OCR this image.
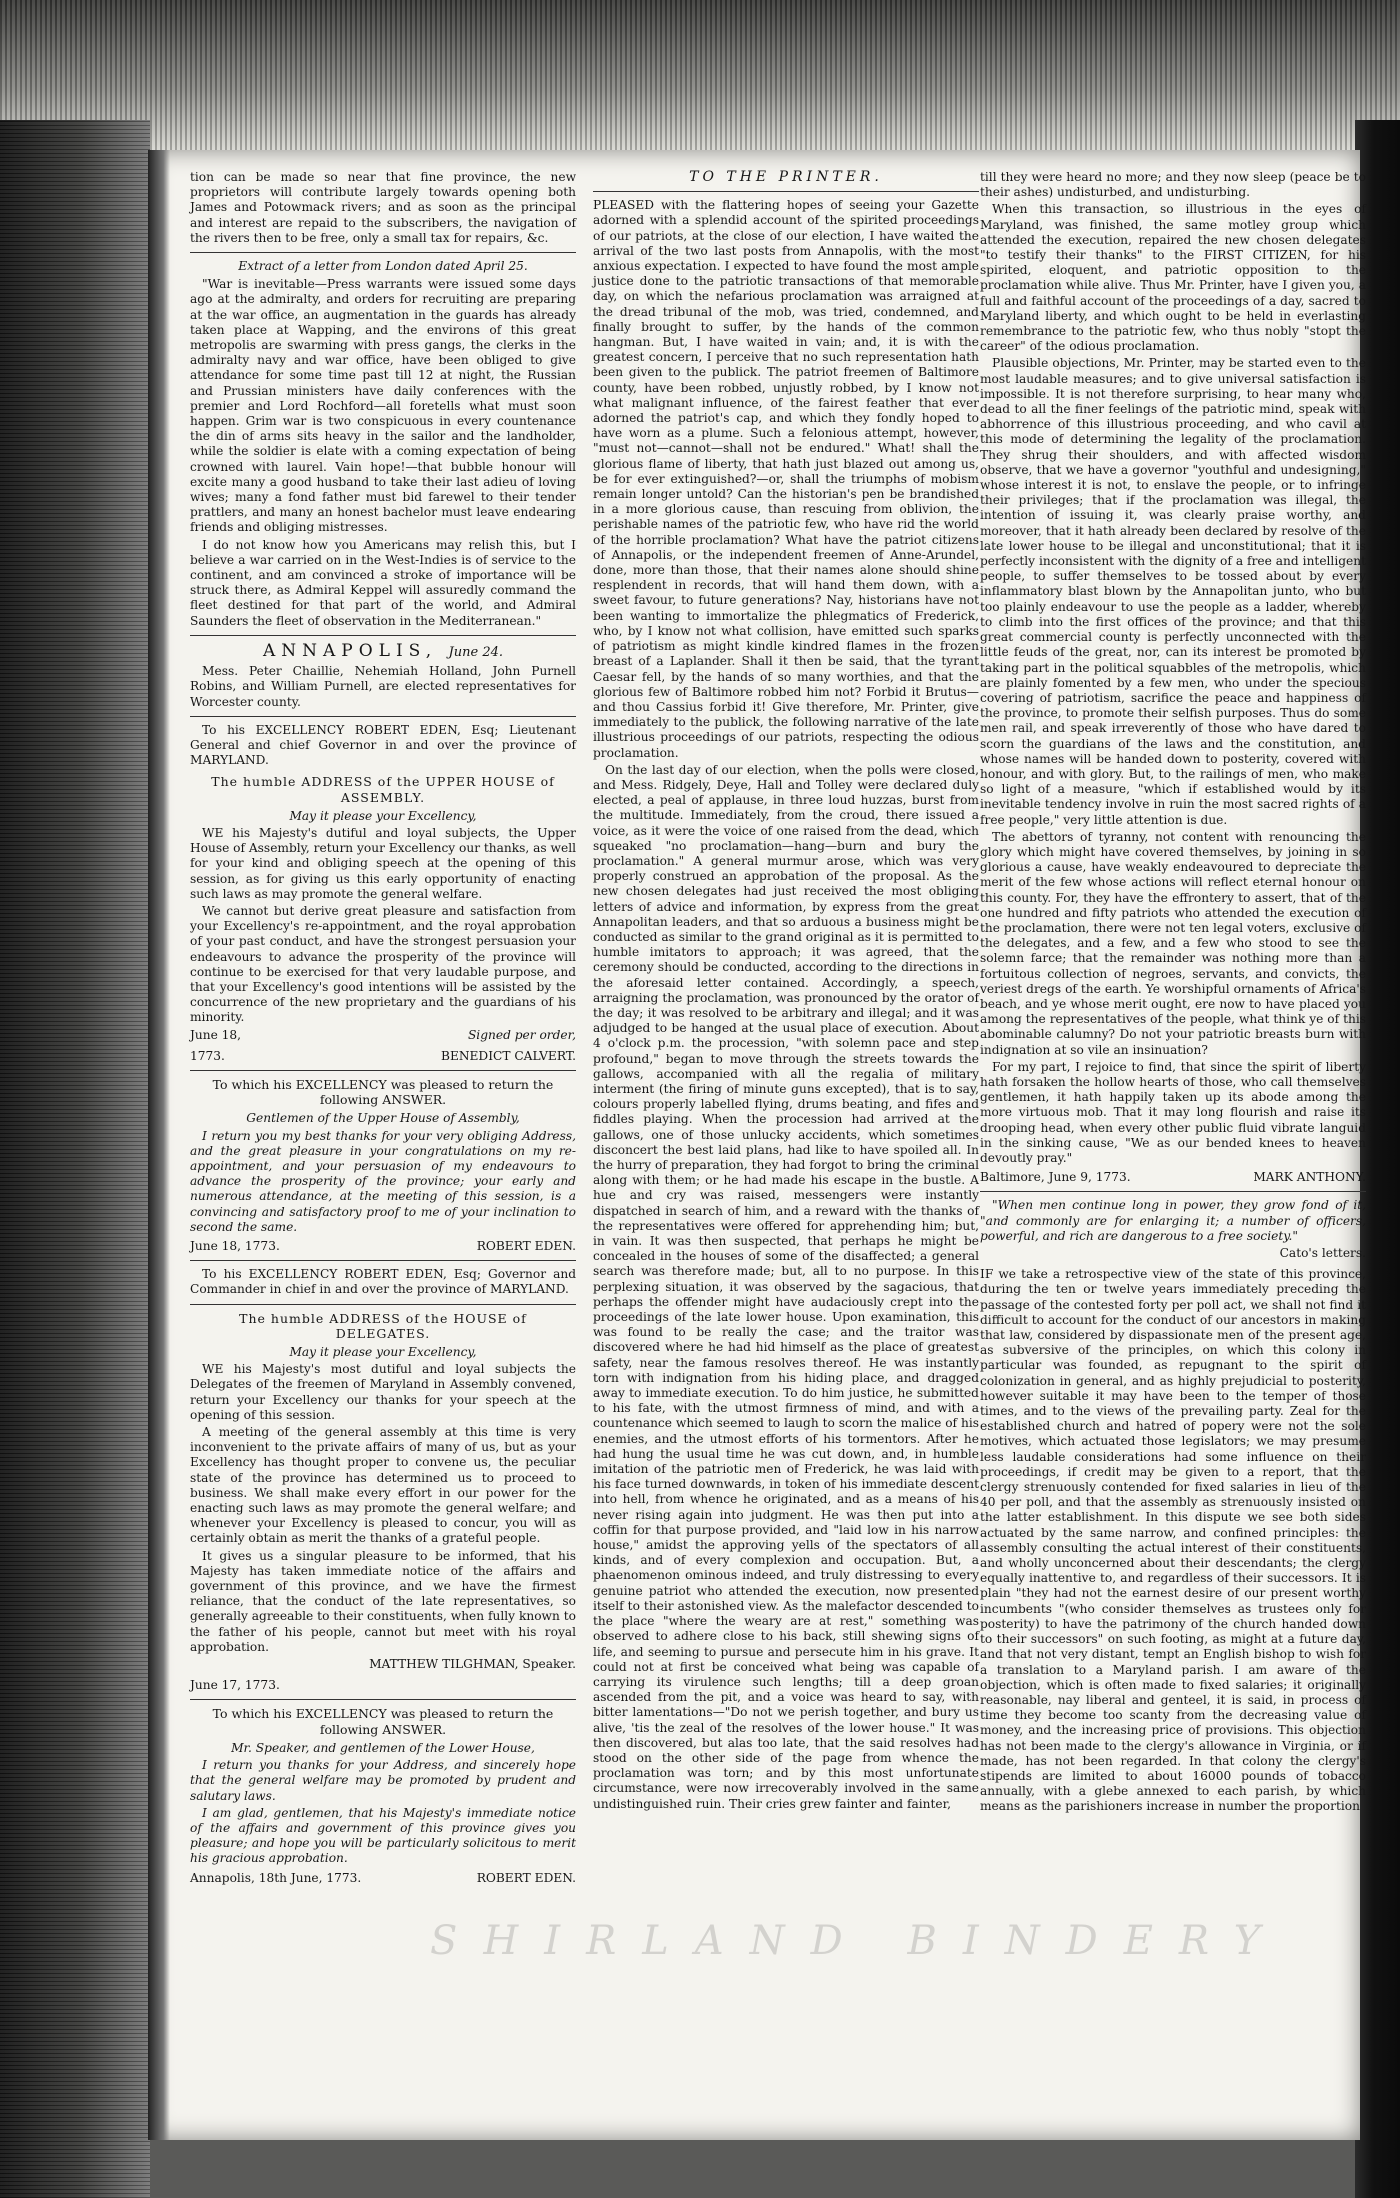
SHIRLAND BINDERY

tion can be made so near that fine province, the new proprietors will contribute largely towards opening both James and Potowmack rivers; and as soon as the principal and interest are repaid to the subscribers, the navigation of the rivers then to be free, only a small tax for repairs, &c.

Extract of a letter from London dated April 25.

"War is inevitable—Press warrants were issued some days ago at the admiralty, and orders for recruiting are preparing at the war office, an augmentation in the guards has already taken place at Wapping, and the environs of this great metropolis are swarming with press gangs, the clerks in the admiralty navy and war office, have been obliged to give attendance for some time past till 12 at night, the Russian and Prussian ministers have daily conferences with the premier and Lord Rochford—all foretells what must soon happen. Grim war is two conspicuous in every countenance the din of arms sits heavy in the sailor and the landholder, while the soldier is elate with a coming expectation of being crowned with laurel. Vain hope!—that bubble honour will excite many a good husband to take their last adieu of loving wives; many a fond father must bid farewel to their tender prattlers, and many an honest bachelor must leave endearing friends and obliging mistresses.

I do not know how you Americans may relish this, but I believe a war carried on in the West-Indies is of service to the continent, and am convinced a stroke of importance will be struck there, as Admiral Keppel will assuredly command the fleet destined for that part of the world, and Admiral Saunders the fleet of observation in the Mediterranean."

ANNAPOLIS, June 24.

Mess. Peter Chaillie, Nehemiah Holland, John Purnell Robins, and William Purnell, are elected representatives for Worcester county.

To his EXCELLENCY ROBERT EDEN, Esq; Lieutenant General and chief Governor in and over the province of MARYLAND.

The humble ADDRESS of the UPPER HOUSE of ASSEMBLY.
May it please your Excellency,

WE his Majesty's dutiful and loyal subjects, the Upper House of Assembly, return your Excellency our thanks, as well for your kind and obliging speech at the opening of this session, as for giving us this early opportunity of enacting such laws as may promote the general welfare.

We cannot but derive great pleasure and satisfaction from your Excellency's re-appointment, and the royal approbation of your past conduct, and have the strongest persuasion your endeavours to advance the prosperity of the province will continue to be exercised for that very laudable purpose, and that your Excellency's good intentions will be assisted by the concurrence of the new proprietary and the guardians of his minority.

June 18,	Signed per order,
1773.	BENEDICT CALVERT.
To which his EXCELLENCY was pleased to return the following ANSWER.
Gentlemen of the Upper House of Assembly,

I return you my best thanks for your very obliging Address, and the great pleasure in your congratulations on my re-appointment, and your persuasion of my endeavours to advance the prosperity of the province; your early and numerous attendance, at the meeting of this session, is a convincing and satisfactory proof to me of your inclination to second the same.

June 18, 1773.	ROBERT EDEN.

To his EXCELLENCY ROBERT EDEN, Esq; Governor and Commander in chief in and over the province of MARYLAND.

The humble ADDRESS of the HOUSE of DELEGATES.
May it please your Excellency,

WE his Majesty's most dutiful and loyal subjects the Delegates of the freemen of Maryland in Assembly convened, return your Excellency our thanks for your speech at the opening of this session.

A meeting of the general assembly at this time is very inconvenient to the private affairs of many of us, but as your Excellency has thought proper to convene us, the peculiar state of the province has determined us to proceed to business. We shall make every effort in our power for the enacting such laws as may promote the general welfare; and whenever your Excellency is pleased to concur, you will as certainly obtain as merit the thanks of a grateful people.

It gives us a singular pleasure to be informed, that his Majesty has taken immediate notice of the affairs and government of this province, and we have the firmest reliance, that the conduct of the late representatives, so generally agreeable to their constituents, when fully known to the father of his people, cannot but meet with his royal approbation.

MATTHEW TILGHMAN, Speaker.
June 17, 1773.
To which his EXCELLENCY was pleased to return the following ANSWER.
Mr. Speaker, and gentlemen of the Lower House,

I return you thanks for your Address, and sincerely hope that the general welfare may be promoted by prudent and salutary laws.

I am glad, gentlemen, that his Majesty's immediate notice of the affairs and government of this province gives you pleasure; and hope you will be particularly solicitous to merit his gracious approbation.

Annapolis, 18th June, 1773.	ROBERT EDEN.
TO THE PRINTER.

PLEASED with the flattering hopes of seeing your Gazette adorned with a splendid account of the spirited proceedings of our patriots, at the close of our election, I have waited the arrival of the two last posts from Annapolis, with the most anxious expectation. I expected to have found the most ample justice done to the patriotic transactions of that memorable day, on which the nefarious proclamation was arraigned at the dread tribunal of the mob, was tried, condemned, and finally brought to suffer, by the hands of the common hangman. But, I have waited in vain; and, it is with the greatest concern, I perceive that no such representation hath been given to the publick. The patriot freemen of Baltimore county, have been robbed, unjustly robbed, by I know not what malignant influence, of the fairest feather that ever adorned the patriot's cap, and which they fondly hoped to have worn as a plume. Such a felonious attempt, however, "must not—cannot—shall not be endured." What! shall the glorious flame of liberty, that hath just blazed out among us, be for ever extinguished?—or, shall the triumphs of mobism remain longer untold? Can the historian's pen be brandished in a more glorious cause, than rescuing from oblivion, the perishable names of the patriotic few, who have rid the world of the horrible proclamation? What have the patriot citizens of Annapolis, or the independent freemen of Anne-Arundel, done, more than those, that their names alone should shine resplendent in records, that will hand them down, with a sweet favour, to future generations? Nay, historians have not been wanting to immortalize the phlegmatics of Frederick, who, by I know not what collision, have emitted such sparks of patriotism as might kindle kindred flames in the frozen breast of a Laplander. Shall it then be said, that the tyrant Caesar fell, by the hands of so many worthies, and that the glorious few of Baltimore robbed him not? Forbid it Brutus—and thou Cassius forbid it! Give therefore, Mr. Printer, give immediately to the publick, the following narrative of the late illustrious proceedings of our patriots, respecting the odious proclamation.

On the last day of our election, when the polls were closed, and Mess. Ridgely, Deye, Hall and Tolley were declared duly elected, a peal of applause, in three loud huzzas, burst from the multitude. Immediately, from the croud, there issued a voice, as it were the voice of one raised from the dead, which squeaked "no proclamation—hang—burn and bury the proclamation." A general murmur arose, which was very properly construed an approbation of the proposal. As the new chosen delegates had just received the most obliging letters of advice and information, by express from the great Annapolitan leaders, and that so arduous a business might be conducted as similar to the grand original as it is permitted to humble imitators to approach; it was agreed, that the ceremony should be conducted, according to the directions in the aforesaid letter contained. Accordingly, a speech, arraigning the proclamation, was pronounced by the orator of the day; it was resolved to be arbitrary and illegal; and it was adjudged to be hanged at the usual place of execution. About 4 o'clock p.m. the procession, "with solemn pace and step profound," began to move through the streets towards the gallows, accompanied with all the regalia of military interment (the firing of minute guns excepted), that is to say, colours properly labelled flying, drums beating, and fifes and fiddles playing. When the procession had arrived at the gallows, one of those unlucky accidents, which sometimes disconcert the best laid plans, had like to have spoiled all. In the hurry of preparation, they had forgot to bring the criminal along with them; or he had made his escape in the bustle. A hue and cry was raised, messengers were instantly dispatched in search of him, and a reward with the thanks of the representatives were offered for apprehending him; but, in vain. It was then suspected, that perhaps he might be concealed in the houses of some of the disaffected; a general search was therefore made; but, all to no purpose. In this perplexing situation, it was observed by the sagacious, that perhaps the offender might have audaciously crept into the proceedings of the late lower house. Upon examination, this was found to be really the case; and the traitor was discovered where he had hid himself as the place of greatest safety, near the famous resolves thereof. He was instantly torn with indignation from his hiding place, and dragged away to immediate execution. To do him justice, he submitted to his fate, with the utmost firmness of mind, and with a countenance which seemed to laugh to scorn the malice of his enemies, and the utmost efforts of his tormentors. After he had hung the usual time he was cut down, and, in humble imitation of the patriotic men of Frederick, he was laid with his face turned downwards, in token of his immediate descent into hell, from whence he originated, and as a means of his never rising again into judgment. He was then put into a coffin for that purpose provided, and "laid low in his narrow house," amidst the approving yells of the spectators of all kinds, and of every complexion and occupation. But, a phaenomenon ominous indeed, and truly distressing to every genuine patriot who attended the execution, now presented itself to their astonished view. As the malefactor descended to the place "where the weary are at rest," something was observed to adhere close to his back, still shewing signs of life, and seeming to pursue and persecute him in his grave. It could not at first be conceived what being was capable of carrying its virulence such lengths; till a deep groan ascended from the pit, and a voice was heard to say, with bitter lamentations—"Do not we perish together, and bury us alive, 'tis the zeal of the resolves of the lower house." It was then discovered, but alas too late, that the said resolves had stood on the other side of the page from whence the proclamation was torn; and by this most unfortunate circumstance, were now irrecoverably involved in the same undistinguished ruin. Their cries grew fainter and fainter,

till they were heard no more; and they now sleep (peace be to their ashes) undisturbed, and undisturbing.

When this transaction, so illustrious in the eyes of Maryland, was finished, the same motley group which attended the execution, repaired the new chosen delegates "to testify their thanks" to the FIRST CITIZEN, for his spirited, eloquent, and patriotic opposition to the proclamation while alive. Thus Mr. Printer, have I given you, a full and faithful account of the proceedings of a day, sacred to Maryland liberty, and which ought to be held in everlasting remembrance to the patriotic few, who thus nobly "stopt the career" of the odious proclamation.

Plausible objections, Mr. Printer, may be started even to the most laudable measures; and to give universal satisfaction is impossible. It is not therefore surprising, to hear many who, dead to all the finer feelings of the patriotic mind, speak with abhorrence of this illustrious proceeding, and who cavil at this mode of determining the legality of the proclamation. They shrug their shoulders, and with affected wisdom observe, that we have a governor "youthful and undesigning," whose interest it is not, to enslave the people, or to infringe their privileges; that if the proclamation was illegal, the intention of issuing it, was clearly praise worthy, and moreover, that it hath already been declared by resolve of the late lower house to be illegal and unconstitutional; that it is perfectly inconsistent with the dignity of a free and intelligent people, to suffer themselves to be tossed about by every inflammatory blast blown by the Annapolitan junto, who but too plainly endeavour to use the people as a ladder, whereby to climb into the first offices of the province; and that this great commercial county is perfectly unconnected with the little feuds of the great, nor, can its interest be promoted by taking part in the political squabbles of the metropolis, which are plainly fomented by a few men, who under the specious covering of patriotism, sacrifice the peace and happiness of the province, to promote their selfish purposes. Thus do some men rail, and speak irreverently of those who have dared to scorn the guardians of the laws and the constitution, and whose names will be handed down to posterity, covered with honour, and with glory. But, to the railings of men, who make so light of a measure, "which if established would by its inevitable tendency involve in ruin the most sacred rights of a free people," very little attention is due.

The abettors of tyranny, not content with renouncing the glory which might have covered themselves, by joining in so glorious a cause, have weakly endeavoured to depreciate the merit of the few whose actions will reflect eternal honour on this county. For, they have the effrontery to assert, that of the one hundred and fifty patriots who attended the execution of the proclamation, there were not ten legal voters, exclusive of the delegates, and a few, and a few who stood to see the solemn farce; that the remainder was nothing more than a fortuitous collection of negroes, servants, and convicts, the veriest dregs of the earth. Ye worshipful ornaments of Africa's beach, and ye whose merit ought, ere now to have placed you among the representatives of the people, what think ye of this abominable calumny? Do not your patriotic breasts burn with indignation at so vile an insinuation?

For my part, I rejoice to find, that since the spirit of liberty hath forsaken the hollow hearts of those, who call themselves gentlemen, it hath happily taken up its abode among the more virtuous mob. That it may long flourish and raise its drooping head, when every other public fluid vibrate languid in the sinking cause, "We as our bended knees to heaven devoutly pray."

Baltimore, June 9, 1773.	MARK ANTHONY.

"When men continue long in power, they grow fond of it, "and commonly are for enlarging it; a number of officers, powerful, and rich are dangerous to a free society."

Cato's letters.

IF we take a retrospective view of the state of this province, during the ten or twelve years immediately preceding the passage of the contested forty per poll act, we shall not find it difficult to account for the conduct of our ancestors in making that law, considered by dispassionate men of the present age, as subversive of the principles, on which this colony in particular was founded, as repugnant to the spirit of colonization in general, and as highly prejudicial to posterity, however suitable it may have been to the temper of those times, and to the views of the prevailing party. Zeal for the established church and hatred of popery were not the sole motives, which actuated those legislators; we may presume less laudable considerations had some influence on their proceedings, if credit may be given to a report, that the clergy strenuously contended for fixed salaries in lieu of the 40 per poll, and that the assembly as strenuously insisted on the latter establishment. In this dispute we see both sides actuated by the same narrow, and confined principles: the assembly consulting the actual interest of their constituents, and wholly unconcerned about their descendants; the clergy equally inattentive to, and regardless of their successors. It is plain "they had not the earnest desire of our present worthy incumbents "(who consider themselves as trustees only for posterity) to have the patrimony of the church handed down to their successors" on such footing, as might at a future day, and that not very distant, tempt an English bishop to wish for a translation to a Maryland parish. I am aware of the objection, which is often made to fixed salaries; it originally reasonable, nay liberal and genteel, it is said, in process of time they become too scanty from the decreasing value of money, and the increasing price of provisions. This objection has not been made to the clergy's allowance in Virginia, or if made, has not been regarded. In that colony the clergy's stipends are limited to about 16000 pounds of tobacco annually, with a glebe annexed to each parish, by which means as the parishioners increase in number the proportion
